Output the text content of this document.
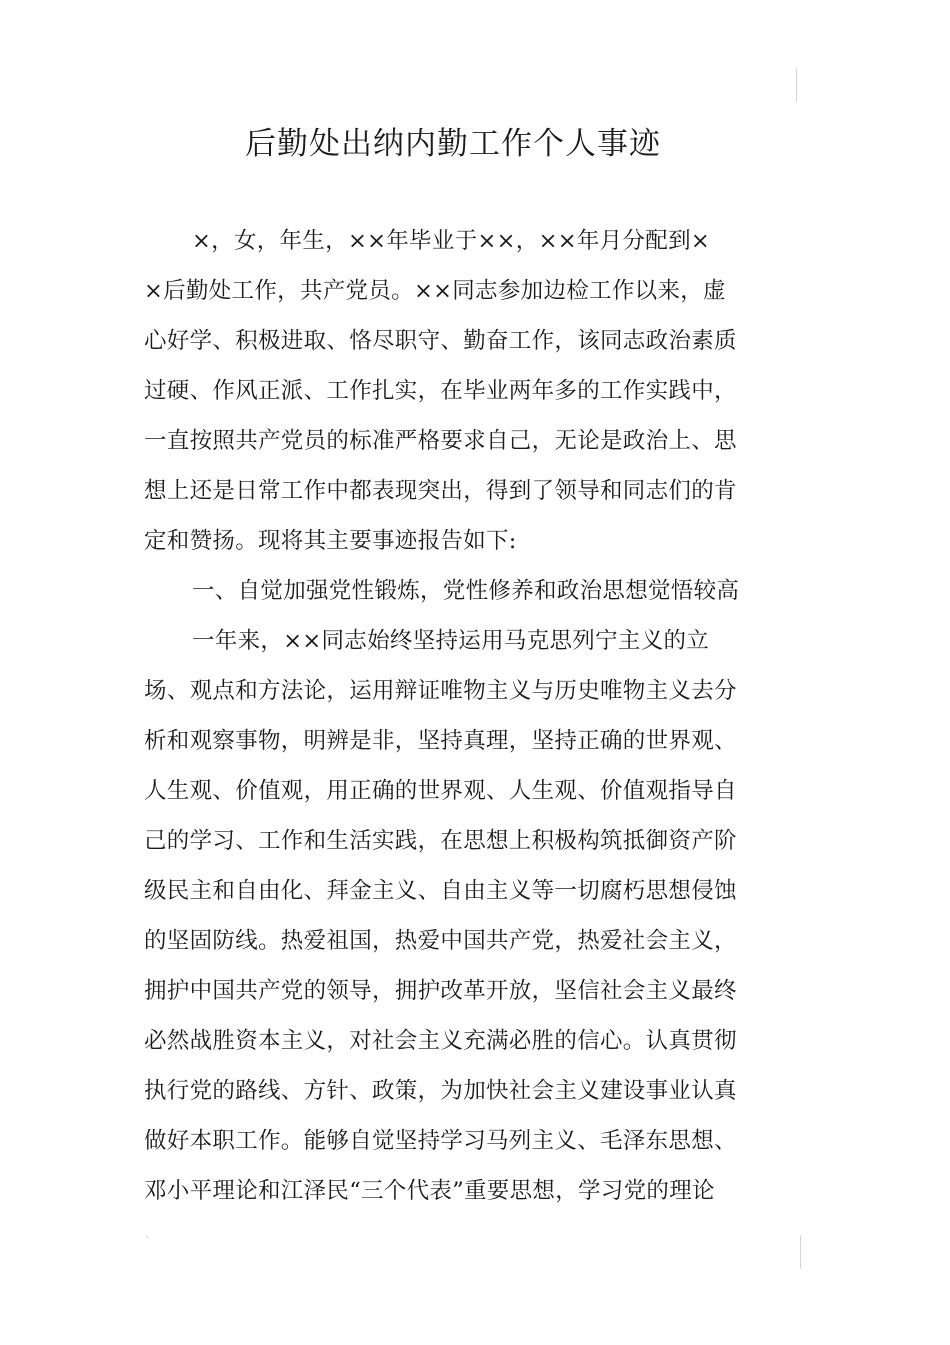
后勤处出纳内勤工作个人事迹
×，女，年生，××年毕业于××，××年月分配到×
×后勤处工作，共产党员。××同志参加边检工作以来，虚
心好学、积极进取、恪尽职守、勤奋工作，该同志政治素质
过硬、作风正派、工作扎实，在毕业两年多的工作实践中，
一直按照共产党员的标准严格要求自己，无论是政治上、思
想上还是日常工作中都表现突出，得到了领导和同志们的肯
定和赞扬。现将其主要事迹报告如下:
一、自觉加强党性锻炼，党性修养和政治思想觉悟较高
一年来，××同志始终坚持运用马克思列宁主义的立
场、观点和方法论，运用辩证唯物主义与历史唯物主义去分
析和观察事物，明辨是非，坚持真理，坚持正确的世界观、
人生观、价值观，用正确的世界观、人生观、价值观指导自
己的学习、工作和生活实践，在思想上积极构筑抵御资产阶
级民主和自由化、拜金主义、自由主义等一切腐朽思想侵蚀
的坚固防线。热爱祖国，热爱中国共产党，热爱社会主义，
拥护中国共产党的领导，拥护改革开放，坚信社会主义最终
必然战胜资本主义，对社会主义充满必胜的信心。认真贯彻
执行党的路线、方针、政策，为加快社会主义建设事业认真
做好本职工作。能够自觉坚持学习马列主义、毛泽东思想、
邓小平理论和江泽民“三个代表”重要思想，学习党的理论
